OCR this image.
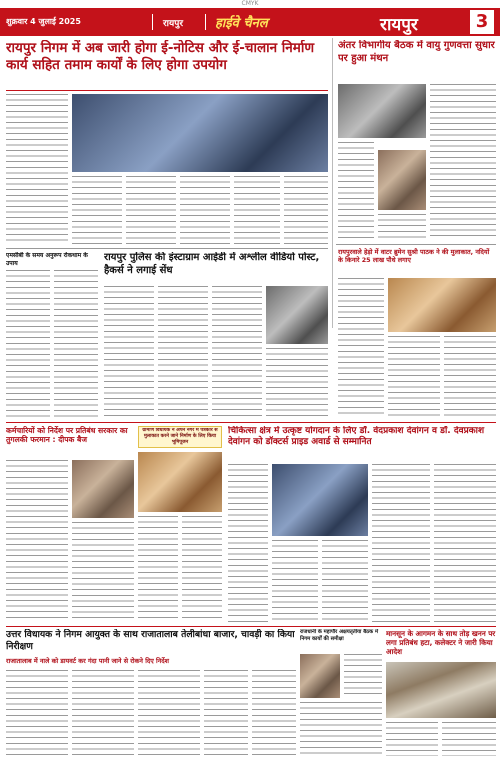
CMYK
शुक्रवार 4 जुलाई 2025	रायपुर हाईवे चैनल	रायपुर	3
रायपुर निगम में अब जारी होगा ई-नोटिस और ई-चालान निर्माण कार्य सहित तमाम कार्यों के लिए होगा उपयोग
अंतर विभागीय बैठक में वायु गुणवत्ता सुधार पर हुआ मंथन
रायपुरवाले हेड़ो में वाटर ब्रुमेन सुश्री पाठक ने की मुलाकात, नदियों के किनारे 25 लाख पौधे लगाए
एमसीबी के समय अनुरूप रोकथाम के उपाय	रायपुर पुलिस की इंस्टाग्राम आईडी में अश्लील वीडियो पोस्ट, हैकर्स ने लगाई सेंध
कर्मचारियों को निर्देश पर प्रतिबंध सरकार का तुगलकी फरमान : दीपक बैज
ग्रामीण विधायक ने अपने नगर में पत्रकार से मुलाकात करने जाने निर्माण के लिए किया भूमिपूजन
चिकित्सा क्षेत्र में उत्कृष्ट योगदान के लिए डॉ. वेदप्रकाश देवांगन व डॉ. देवप्रकाश देवांगन को डॉक्टर्स प्राइड अवार्ड से सम्मानित
उत्तर विधायक ने निगम आयुक्त के साथ राजातालाब तेलीबांधा बाजार, चावड़ी का किया निरीक्षण
राजातालाब में नाले को डायवर्ट कर गंदा पानी जाने से रोकने दिए निर्देश
राजधानी के महापौर अक्षयतृतीया बैठक में निगम कार्यों की समीक्षा
मानसून के आगमन के साथ तोड़ खनन पर लगा प्रतिबंध हटा, कलेक्टर ने जारी किया आदेश
